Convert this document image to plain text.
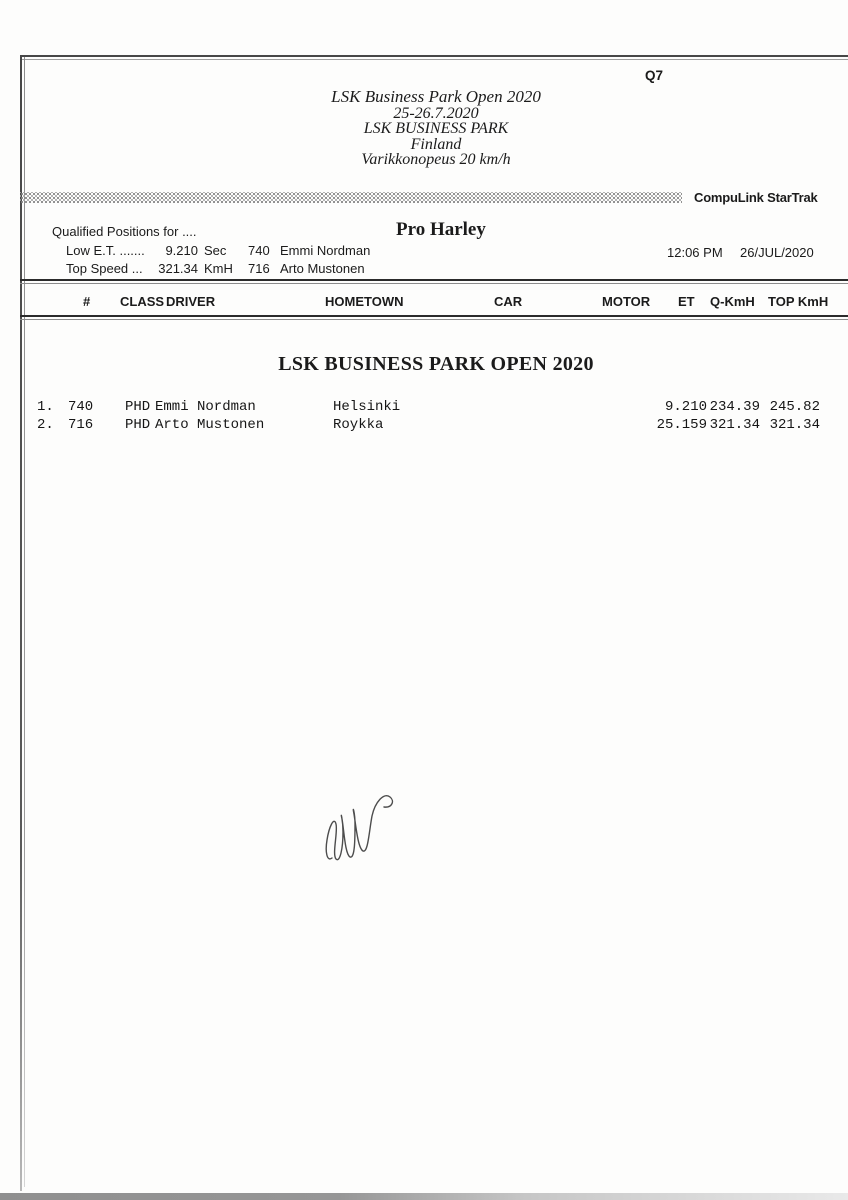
Q7
LSK Business Park Open 2020
25-26.7.2020
LSK BUSINESS PARK
Finland
Varikkonopeus 20 km/h
CompuLink StarTrak
Qualified Positions for ....
Low E.T. .......	9.210 Sec 740 Emmi Nordman
Top Speed ...	321.34 KmH 716 Arto Mustonen
Pro Harley
12:06 PM 26/JUL/2020
# CLASS DRIVER	HOMETOWN	CAR	MOTOR ET Q-KmH TOP KmH
LSK BUSINESS PARK OPEN 2020
1. 740 PHD Emmi Nordman	Helsinki	9.210 234.39 245.82
2. 716 PHD Arto Mustonen	Roykka	25.159 321.34 321.34
